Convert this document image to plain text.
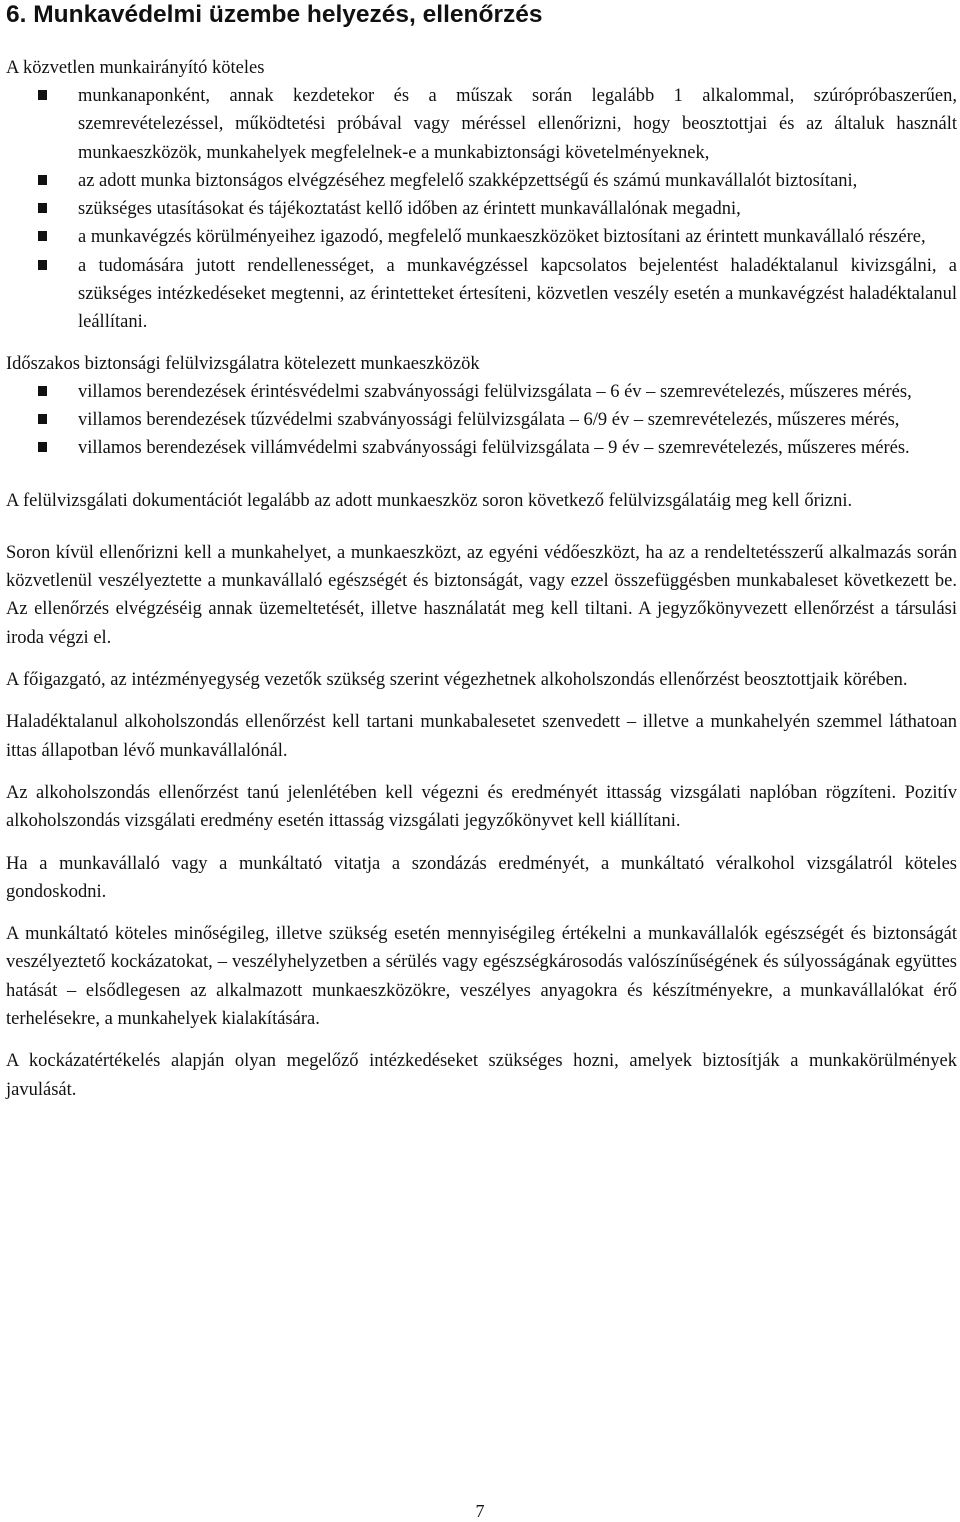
6. Munkavédelmi üzembe helyezés, ellenőrzés
A közvetlen munkairányító köteles
munkanaponként, annak kezdetekor és a műszak során legalább 1 alkalommal, szúrópróbaszerűen, szemrevételezéssel, működtetési próbával vagy méréssel ellenőrizni, hogy beosztottjai és az általuk használt munkaeszközök, munkahelyek megfelelnek-e a munkabiztonsági követelményeknek,
az adott munka biztonságos elvégzéséhez megfelelő szakképzettségű és számú munkavállalót biztosítani,
szükséges utasításokat és tájékoztatást kellő időben az érintett munkavállalónak megadni,
a munkavégzés körülményeihez igazodó, megfelelő munkaeszközöket biztosítani az érintett munkavállaló részére,
a tudomására jutott rendellenességet, a munkavégzéssel kapcsolatos bejelentést haladéktalanul kivizsgálni, a szükséges intézkedéseket megtenni, az érintetteket értesíteni, közvetlen veszély esetén a munkavégzést haladéktalanul leállítani.
Időszakos biztonsági felülvizsgálatra kötelezett munkaeszközök
villamos berendezések érintésvédelmi szabványossági felülvizsgálata – 6 év – szemrevételezés, műszeres mérés,
villamos berendezések tűzvédelmi szabványossági felülvizsgálata – 6/9 év – szemrevételezés, műszeres mérés,
villamos berendezések villámvédelmi szabványossági felülvizsgálata – 9 év – szemrevételezés, műszeres mérés.

A felülvizsgálati dokumentációt legalább az adott munkaeszköz soron következő felülvizsgálatáig meg kell őrizni.

Soron kívül ellenőrizni kell a munkahelyet, a munkaeszközt, az egyéni védőeszközt, ha az a rendeltetésszerű alkalmazás során közvetlenül veszélyeztette a munkavállaló egészségét és biztonságát, vagy ezzel összefüggésben munkabaleset következett be. Az ellenőrzés elvégzéséig annak üzemeltetését, illetve használatát meg kell tiltani. A jegyzőkönyvezett ellenőrzést a társulási iroda végzi el.

A főigazgató, az intézményegység vezetők szükség szerint végezhetnek alkoholszondás ellenőrzést beosztottjaik körében.

Haladéktalanul alkoholszondás ellenőrzést kell tartani munkabalesetet szenvedett – illetve a munkahelyén szemmel láthatoan ittas állapotban lévő munkavállalónál.

Az alkoholszondás ellenőrzést tanú jelenlétében kell végezni és eredményét ittasság vizsgálati naplóban rögzíteni. Pozitív alkoholszondás vizsgálati eredmény esetén ittasság vizsgálati jegyzőkönyvet kell kiállítani.

Ha a munkavállaló vagy a munkáltató vitatja a szondázás eredményét, a munkáltató véralkohol vizsgálatról köteles gondoskodni.

A munkáltató köteles minőségileg, illetve szükség esetén mennyiségileg értékelni a munkavállalók egészségét és biztonságát veszélyeztető kockázatokat, – veszélyhelyzetben a sérülés vagy egészségkárosodás valószínűségének és súlyosságának együttes hatását – elsődlegesen az alkalmazott munkaeszközökre, veszélyes anyagokra és készítményekre, a munkavállalókat érő terhelésekre, a munkahelyek kialakítására.

A kockázatértékelés alapján olyan megelőző intézkedéseket szükséges hozni, amelyek biztosítják a munkakörülmények javulását.

7
